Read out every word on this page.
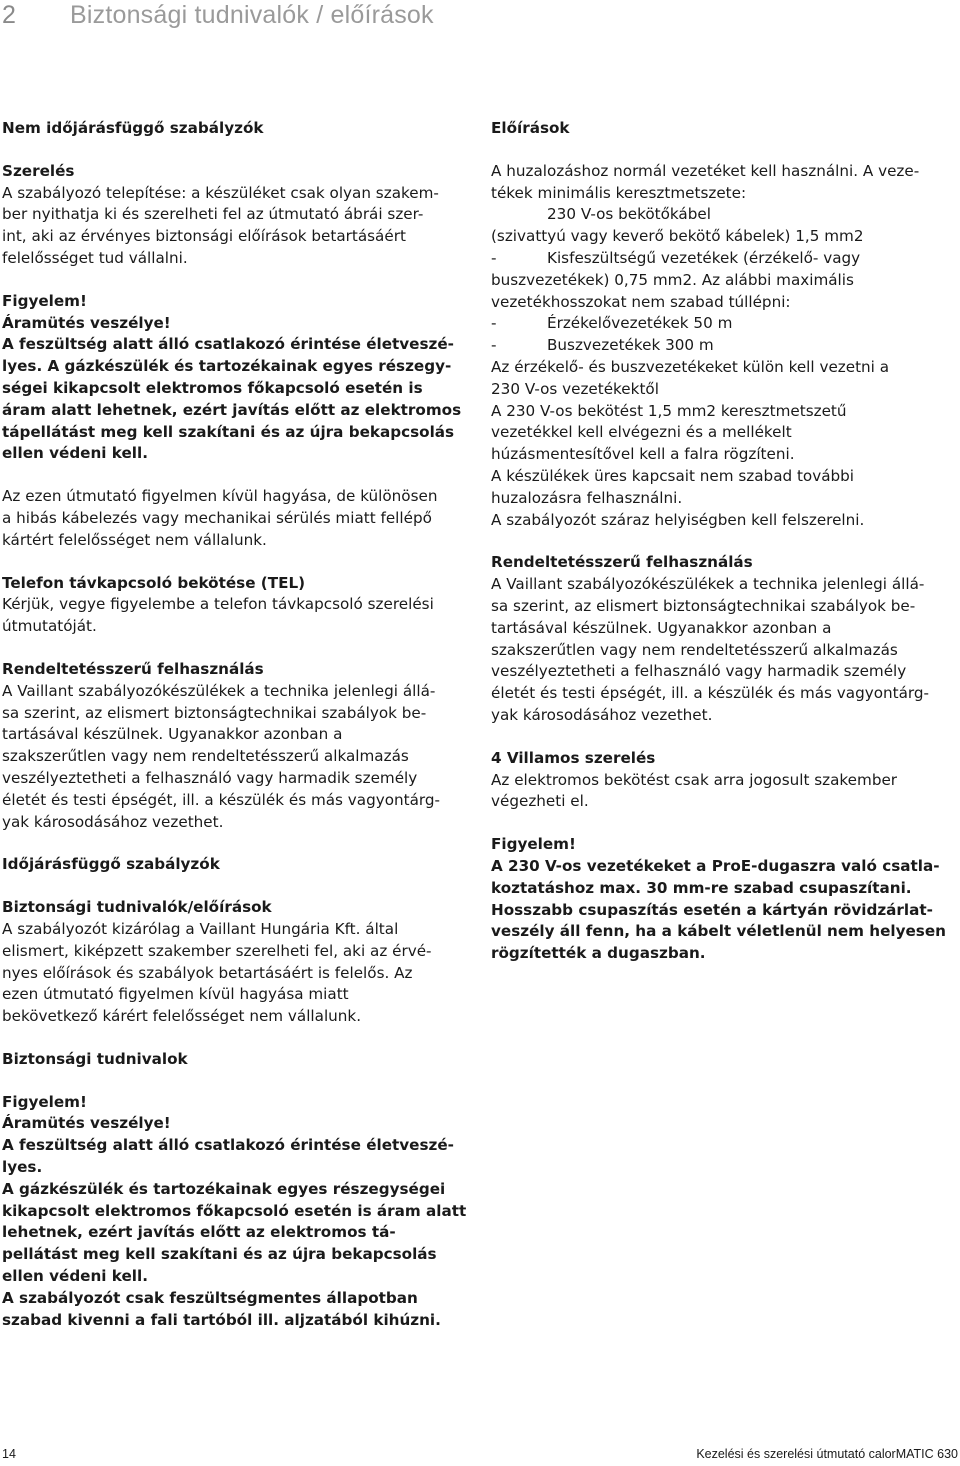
2 Biztonsági tudnivalók / előírások

Nem időjárásfüggő szabályzók

Szerelés

A szabályozó telepítése: a készüléket csak olyan szakem-
ber nyithatja ki és szerelheti fel az útmutató ábrái szer-
int, aki az érvényes biztonsági előírások betartásáért
felelősséget tud vállalni.
Figyelem!
Áramütés veszélye!
A feszültség alatt álló csatlakozó érintése életveszé-
lyes. A gázkészülék és tartozékainak egyes részegy-
ségei kikapcsolt elektromos főkapcsoló esetén is
áram alatt lehetnek, ezért javítás előtt az elektromos
tápellátást meg kell szakítani és az újra bekapcsolás
ellen védeni kell.
Az ezen útmutató figyelmen kívül hagyása, de különösen
a hibás kábelezés vagy mechanikai sérülés miatt fellépő
kártért felelősséget nem vállalunk.

Telefon távkapcsoló bekötése (TEL)

Kérjük, vegye figyelembe a telefon távkapcsoló szerelési
útmutatóját.

Rendeltetésszerű felhasználás

A Vaillant szabályozókészülékek a technika jelenlegi állá-
sa szerint, az elismert biztonságtechnikai szabályok be-
tartásával készülnek. Ugyanakkor azonban a
szakszerűtlen vagy nem rendeltetésszerű alkalmazás
veszélyeztetheti a felhasználó vagy harmadik személy
életét és testi épségét, ill. a készülék és más vagyontárg-
yak károsodásához vezethet.

Időjárásfüggő szabályzók

Biztonsági tudnivalók/előírások

A szabályozót kizárólag a Vaillant Hungária Kft. által
elismert, kiképzett szakember szerelheti fel, aki az érvé-
nyes előírások és szabályok betartásáért is felelős. Az
ezen útmutató figyelmen kívül hagyása miatt
bekövetkező kárért felelősséget nem vállalunk.

Biztonsági tudnivalok

Figyelem!
Áramütés veszélye!
A feszültség alatt álló csatlakozó érintése életveszé-
lyes.
A gázkészülék és tartozékainak egyes részegységei
kikapcsolt elektromos főkapcsoló esetén is áram alatt
lehetnek, ezért javítás előtt az elektromos tá-
pellátást meg kell szakítani és az újra bekapcsolás
ellen védeni kell.
A szabályozót csak feszültségmentes állapotban
szabad kivenni a fali tartóból ill. aljzatából kihúzni.

Előírások

A huzalozáshoz normál vezetéket kell használni. A veze-
tékek minimális keresztmetszete:
230 V-os bekötőkábel
(szivattyú vagy keverő bekötő kábelek) 1,5 mm2
-	Kisfeszültségű vezetékek (érzékelő- vagy
buszvezetékek) 0,75 mm2. Az alábbi maximális
vezetékhosszokat nem szabad túllépni:
-	Érzékelővezetékek 50 m
-	Buszvezetékek 300 m
Az érzékelő- és buszvezetékeket külön kell vezetni a
230 V-os vezetékektől
A 230 V-os bekötést 1,5 mm2 keresztmetszetű
vezetékkel kell elvégezni és a mellékelt
húzásmentesítővel kell a falra rögzíteni.
A készülékek üres kapcsait nem szabad további
huzalozásra felhasználni.
A szabályozót száraz helyiségben kell felszerelni.

Rendeltetésszerű felhasználás

A Vaillant szabályozókészülékek a technika jelenlegi állá-
sa szerint, az elismert biztonságtechnikai szabályok be-
tartásával készülnek. Ugyanakkor azonban a
szakszerűtlen vagy nem rendeltetésszerű alkalmazás
veszélyeztetheti a felhasználó vagy harmadik személy
életét és testi épségét, ill. a készülék és más vagyontárg-
yak károsodásához vezethet.

4 Villamos szerelés

Az elektromos bekötést csak arra jogosult szakember
végezheti el.
Figyelem!
A 230 V-os vezetékeket a ProE-dugaszra való csatla-
koztatáshoz max. 30 mm-re szabad csupaszítani.
Hosszabb csupaszítás esetén a kártyán rövidzárlat-
veszély áll fenn, ha a kábelt véletlenül nem helyesen
rögzítették a dugaszban.
14	Kezelési és szerelési útmutató calorMATIC 630
